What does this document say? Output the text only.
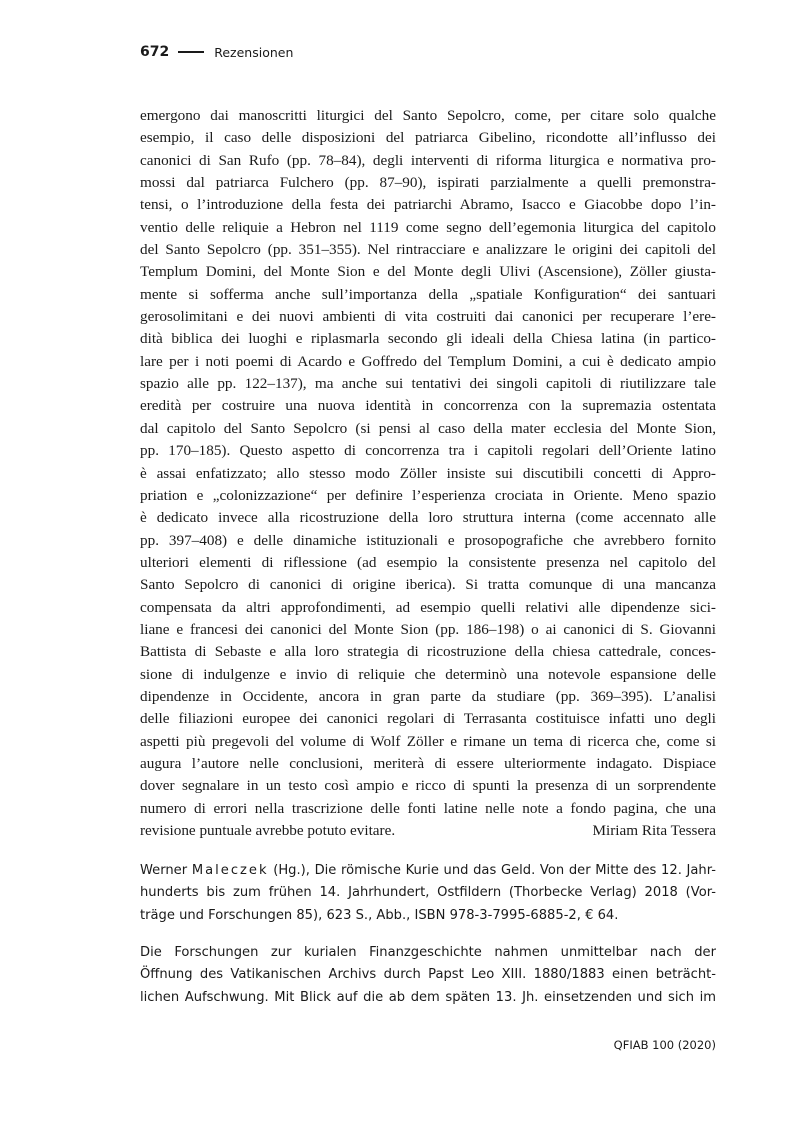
672	Rezensionen
emergono dai manoscritti liturgici del Santo Sepolcro, come, per citare solo qualche
esempio, il caso delle disposizioni del patriarca Gibelino, ricondotte all’influsso dei
canonici di San Rufo (pp. 78–84), degli interventi di riforma liturgica e normativa pro-
mossi dal patriarca Fulchero (pp. 87–90), ispirati parzialmente a quelli premonstra-
tensi, o l’introduzione della festa dei patriarchi Abramo, Isacco e Giacobbe dopo l’in-
ventio delle reliquie a Hebron nel 1119 come segno dell’egemonia liturgica del capitolo
del Santo Sepolcro (pp. 351–355). Nel rintracciare e analizzare le origini dei capitoli del
Templum Domini, del Monte Sion e del Monte degli Ulivi (Ascensione), Zöller giusta-
mente si sofferma anche sull’importanza della „spatiale Konfiguration“ dei santuari
gerosolimitani e dei nuovi ambienti di vita costruiti dai canonici per recuperare l’ere-
dità biblica dei luoghi e riplasmarla secondo gli ideali della Chiesa latina (in partico-
lare per i noti poemi di Acardo e Goffredo del Templum Domini, a cui è dedicato ampio
spazio alle pp. 122–137), ma anche sui tentativi dei singoli capitoli di riutilizzare tale
eredità per costruire una nuova identità in concorrenza con la supremazia ostentata
dal capitolo del Santo Sepolcro (si pensi al caso della mater ecclesia del Monte Sion,
pp. 170–185). Questo aspetto di concorrenza tra i capitoli regolari dell’Oriente latino
è assai enfatizzato; allo stesso modo Zöller insiste sui discutibili concetti di Appro-
priation e „colonizzazione“ per definire l’esperienza crociata in Oriente. Meno spazio
è dedicato invece alla ricostruzione della loro struttura interna (come accennato alle
pp. 397–408) e delle dinamiche istituzionali e prosopografiche che avrebbero fornito
ulteriori elementi di riflessione (ad esempio la consistente presenza nel capitolo del
Santo Sepolcro di canonici di origine iberica). Si tratta comunque di una mancanza
compensata da altri approfondimenti, ad esempio quelli relativi alle dipendenze sici-
liane e francesi dei canonici del Monte Sion (pp. 186–198) o ai canonici di S. Giovanni
Battista di Sebaste e alla loro strategia di ricostruzione della chiesa cattedrale, conces-
sione di indulgenze e invio di reliquie che determinò una notevole espansione delle
dipendenze in Occidente, ancora in gran parte da studiare (pp. 369–395). L’analisi
delle filiazioni europee dei canonici regolari di Terrasanta costituisce infatti uno degli
aspetti più pregevoli del volume di Wolf Zöller e rimane un tema di ricerca che, come si
augura l’autore nelle conclusioni, meriterà di essere ulteriormente indagato. Dispiace
dover segnalare in un testo così ampio e ricco di spunti la presenza di un sorprendente
numero di errori nella trascrizione delle fonti latine nelle note a fondo pagina, che una
revisione puntuale avrebbe potuto evitare.	Miriam Rita Tessera
Werner Maleczek (Hg.), Die römische Kurie und das Geld. Von der Mitte des 12. Jahr-
hunderts bis zum frühen 14. Jahrhundert, Ostfildern (Thorbecke Verlag) 2018 (Vor-
träge und Forschungen 85), 623 S., Abb., ISBN 978-3-7995-6885-2, € 64.
Die Forschungen zur kurialen Finanzgeschichte nahmen unmittelbar nach der
Öffnung des Vatikanischen Archivs durch Papst Leo XIII. 1880/1883 einen beträcht-
lichen Aufschwung. Mit Blick auf die ab dem späten 13. Jh. einsetzenden und sich im
QFIAB 100 (2020)
